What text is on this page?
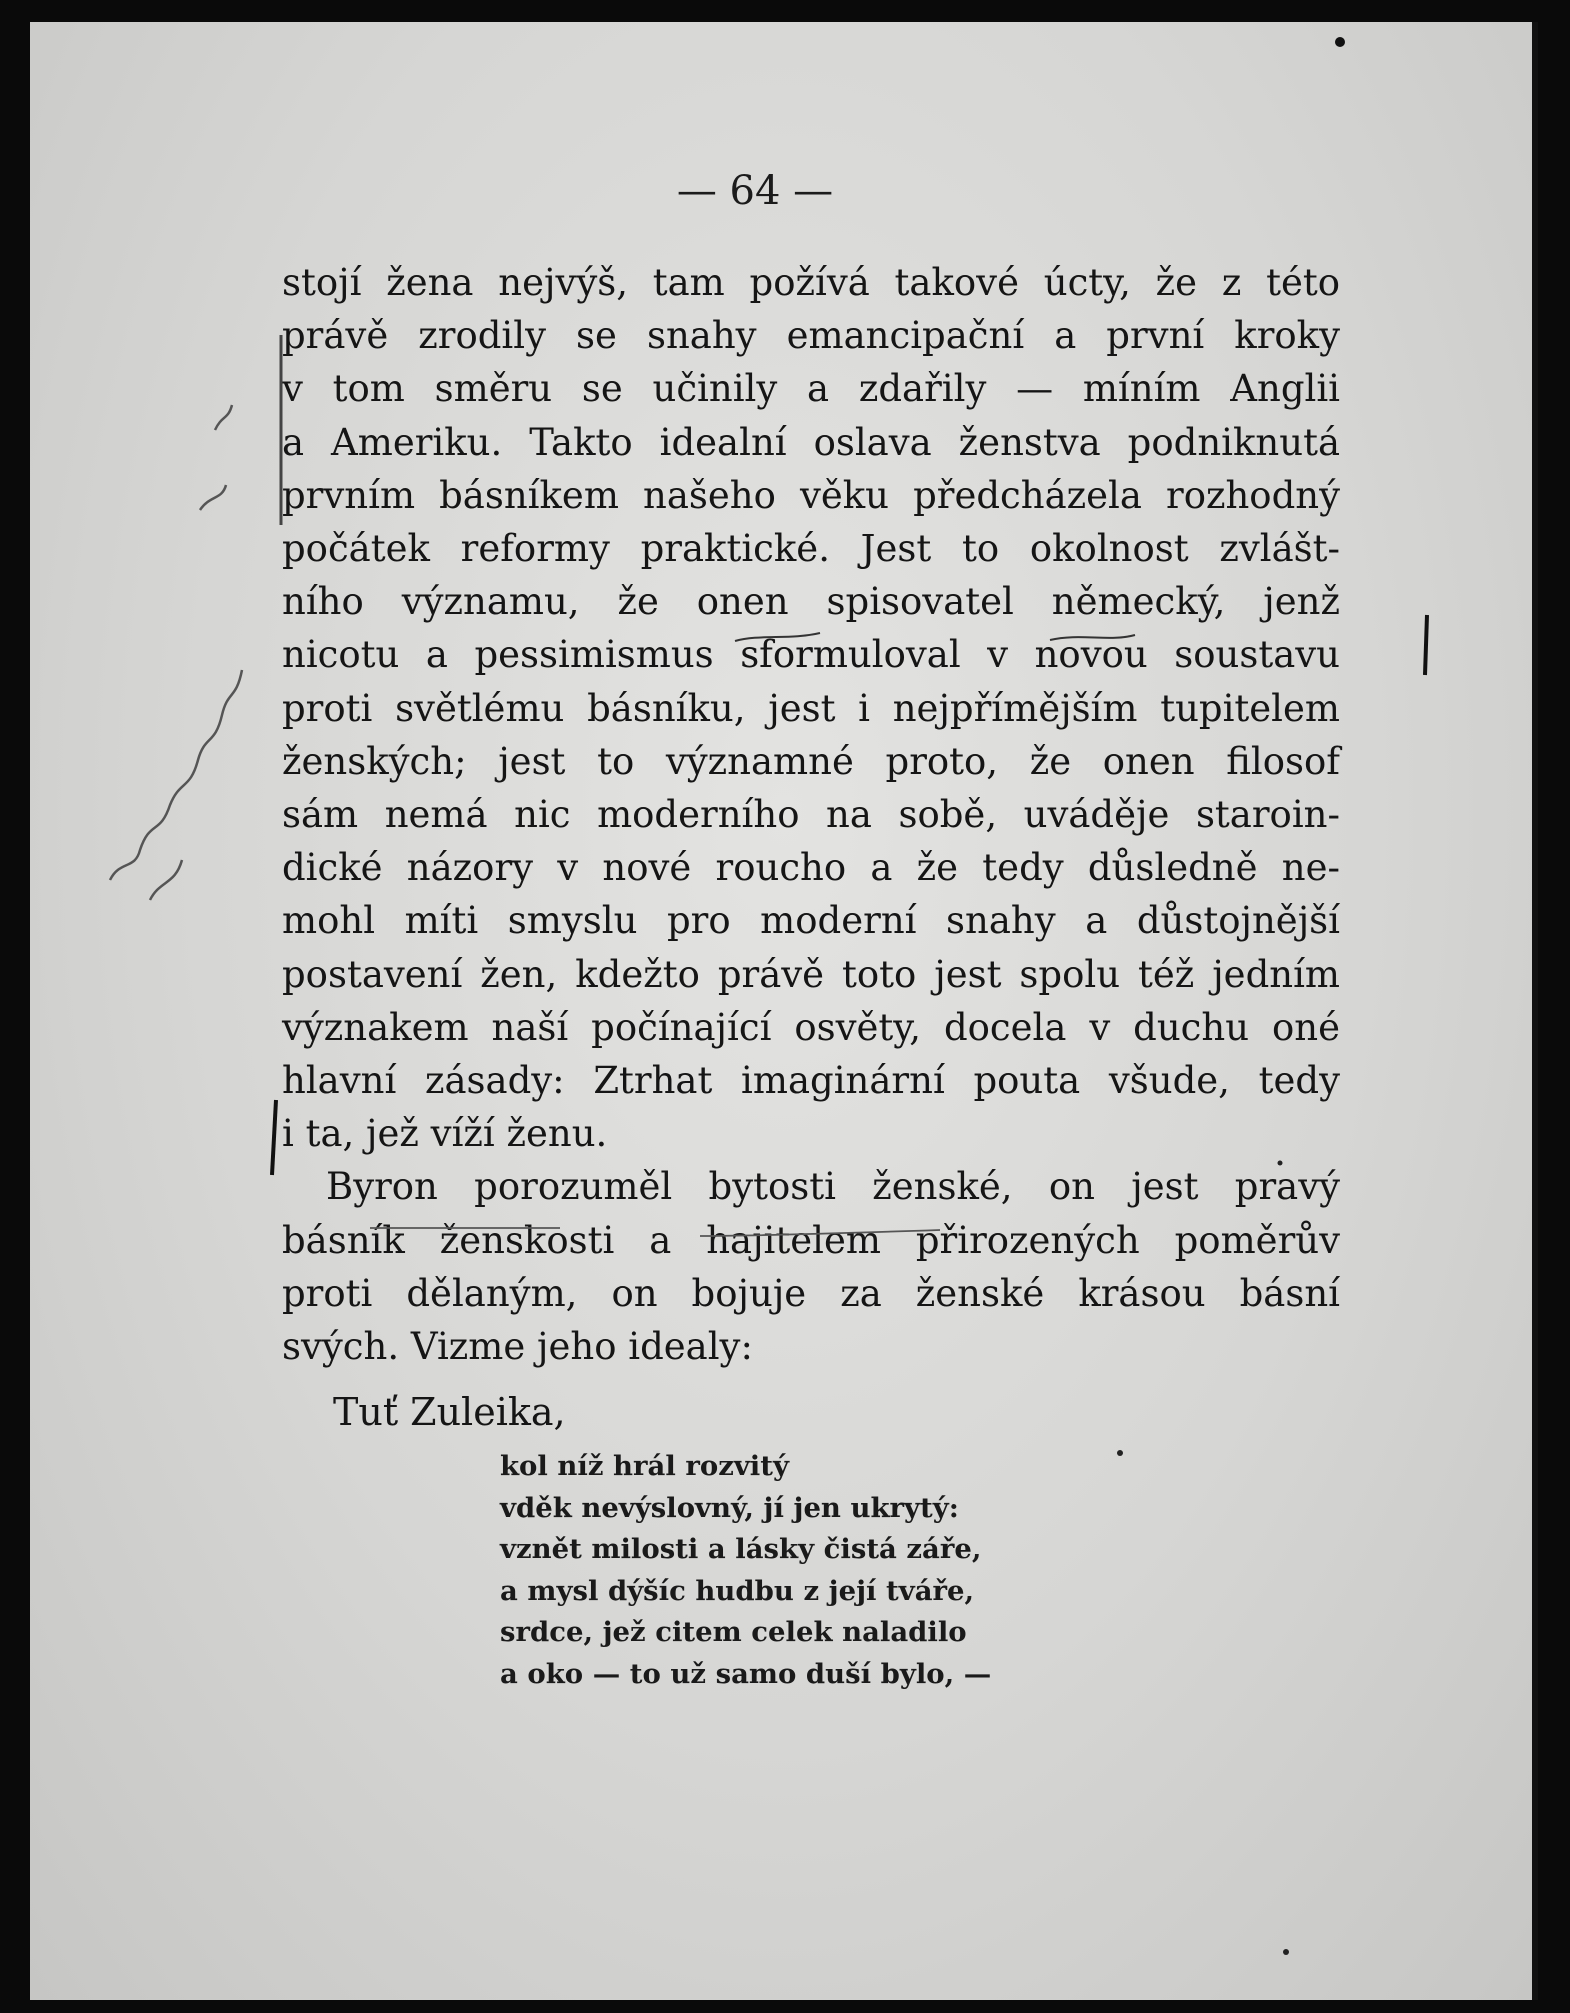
— 64 —
stojí žena nejvýš, tam požívá takové úcty, že z této
právě zrodily se snahy emancipační a první kroky
v tom směru se učinily a zdařily — míním Anglii
a Ameriku. Takto idealní oslava ženstva podniknutá
prvním básníkem našeho věku předcházela rozhodný
počátek reformy praktické. Jest to okolnost zvlášt-
ního významu, že onen spisovatel německý, jenž
nicotu a pessimismus sformuloval v novou soustavu
proti světlému básníku, jest i nejpřímějším tupitelem
ženských; jest to významné proto, že onen filosof
sám nemá nic moderního na sobě, uváděje staroin-
dické názory v nové roucho a že tedy důsledně ne-
mohl míti smyslu pro moderní snahy a důstojnější
postavení žen, kdežto právě toto jest spolu též jedním
význakem naší počínající osvěty, docela v duchu oné
hlavní zásady: Ztrhat imaginární pouta všude, tedy
i ta, jež víží ženu.
Byron porozuměl bytosti ženské, on jest pravý
básník ženskosti a hajitelem přirozených poměrův
proti dělaným, on bojuje za ženské krásou básní
svých. Vizme jeho idealy:
Tuť Zuleika,
kol níž hrál rozvitý
vděk nevýslovný, jí jen ukrytý:
vznět milosti a lásky čistá záře,
a mysl dýšíc hudbu z její tváře,
srdce, jež citem celek naladilo
a oko — to už samo duší bylo, —
